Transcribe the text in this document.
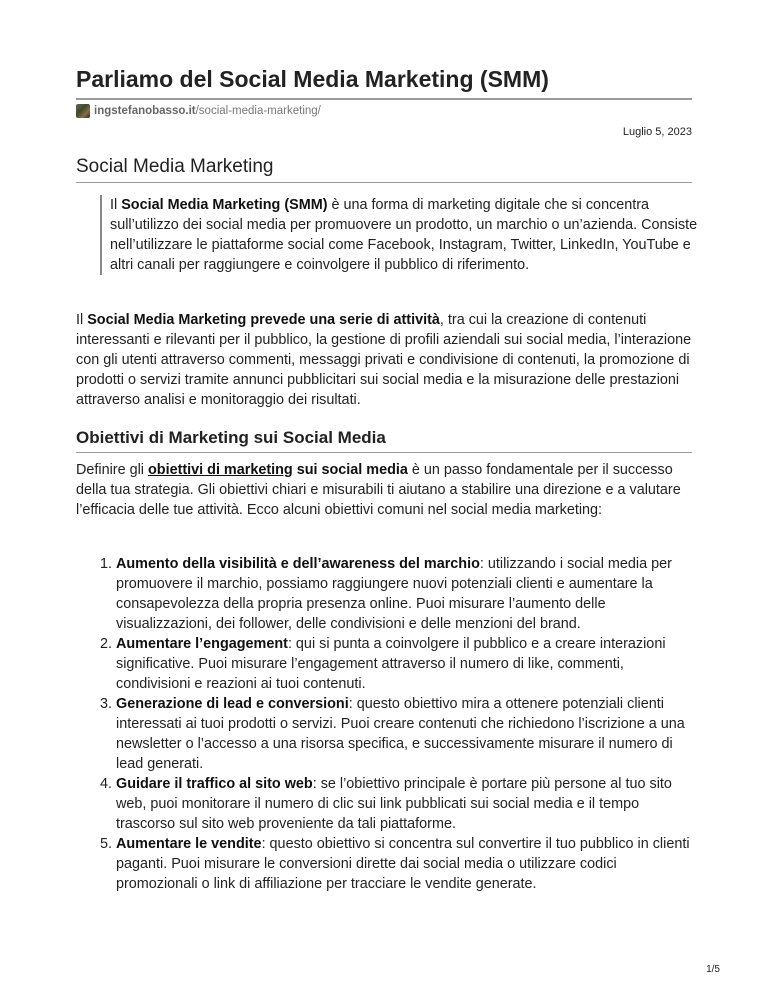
Parliamo del Social Media Marketing (SMM)
ingstefanobasso.it/social-media-marketing/
Luglio 5, 2023
Social Media Marketing
Il Social Media Marketing (SMM) è una forma di marketing digitale che si concentra sull’utilizzo dei social media per promuovere un prodotto, un marchio o un’azienda. Consiste nell’utilizzare le piattaforme social come Facebook, Instagram, Twitter, LinkedIn, YouTube e altri canali per raggiungere e coinvolgere il pubblico di riferimento.
Il Social Media Marketing prevede una serie di attività, tra cui la creazione di contenuti interessanti e rilevanti per il pubblico, la gestione di profili aziendali sui social media, l’interazione con gli utenti attraverso commenti, messaggi privati e condivisione di contenuti, la promozione di prodotti o servizi tramite annunci pubblicitari sui social media e la misurazione delle prestazioni attraverso analisi e monitoraggio dei risultati.
Obiettivi di Marketing sui Social Media
Definire gli obiettivi di marketing sui social media è un passo fondamentale per il successo della tua strategia. Gli obiettivi chiari e misurabili ti aiutano a stabilire una direzione e a valutare l’efficacia delle tue attività. Ecco alcuni obiettivi comuni nel social media marketing:
1. Aumento della visibilità e dell’awareness del marchio: utilizzando i social media per promuovere il marchio, possiamo raggiungere nuovi potenziali clienti e aumentare la consapevolezza della propria presenza online. Puoi misurare l’aumento delle visualizzazioni, dei follower, delle condivisioni e delle menzioni del brand.
2. Aumentare l’engagement: qui si punta a coinvolgere il pubblico e a creare interazioni significative. Puoi misurare l’engagement attraverso il numero di like, commenti, condivisioni e reazioni ai tuoi contenuti.
3. Generazione di lead e conversioni: questo obiettivo mira a ottenere potenziali clienti interessati ai tuoi prodotti o servizi. Puoi creare contenuti che richiedono l’iscrizione a una newsletter o l’accesso a una risorsa specifica, e successivamente misurare il numero di lead generati.
4. Guidare il traffico al sito web: se l’obiettivo principale è portare più persone al tuo sito web, puoi monitorare il numero di clic sui link pubblicati sui social media e il tempo trascorso sul sito web proveniente da tali piattaforme.
5. Aumentare le vendite: questo obiettivo si concentra sul convertire il tuo pubblico in clienti paganti. Puoi misurare le conversioni dirette dai social media o utilizzare codici promozionali o link di affiliazione per tracciare le vendite generate.
1/5
